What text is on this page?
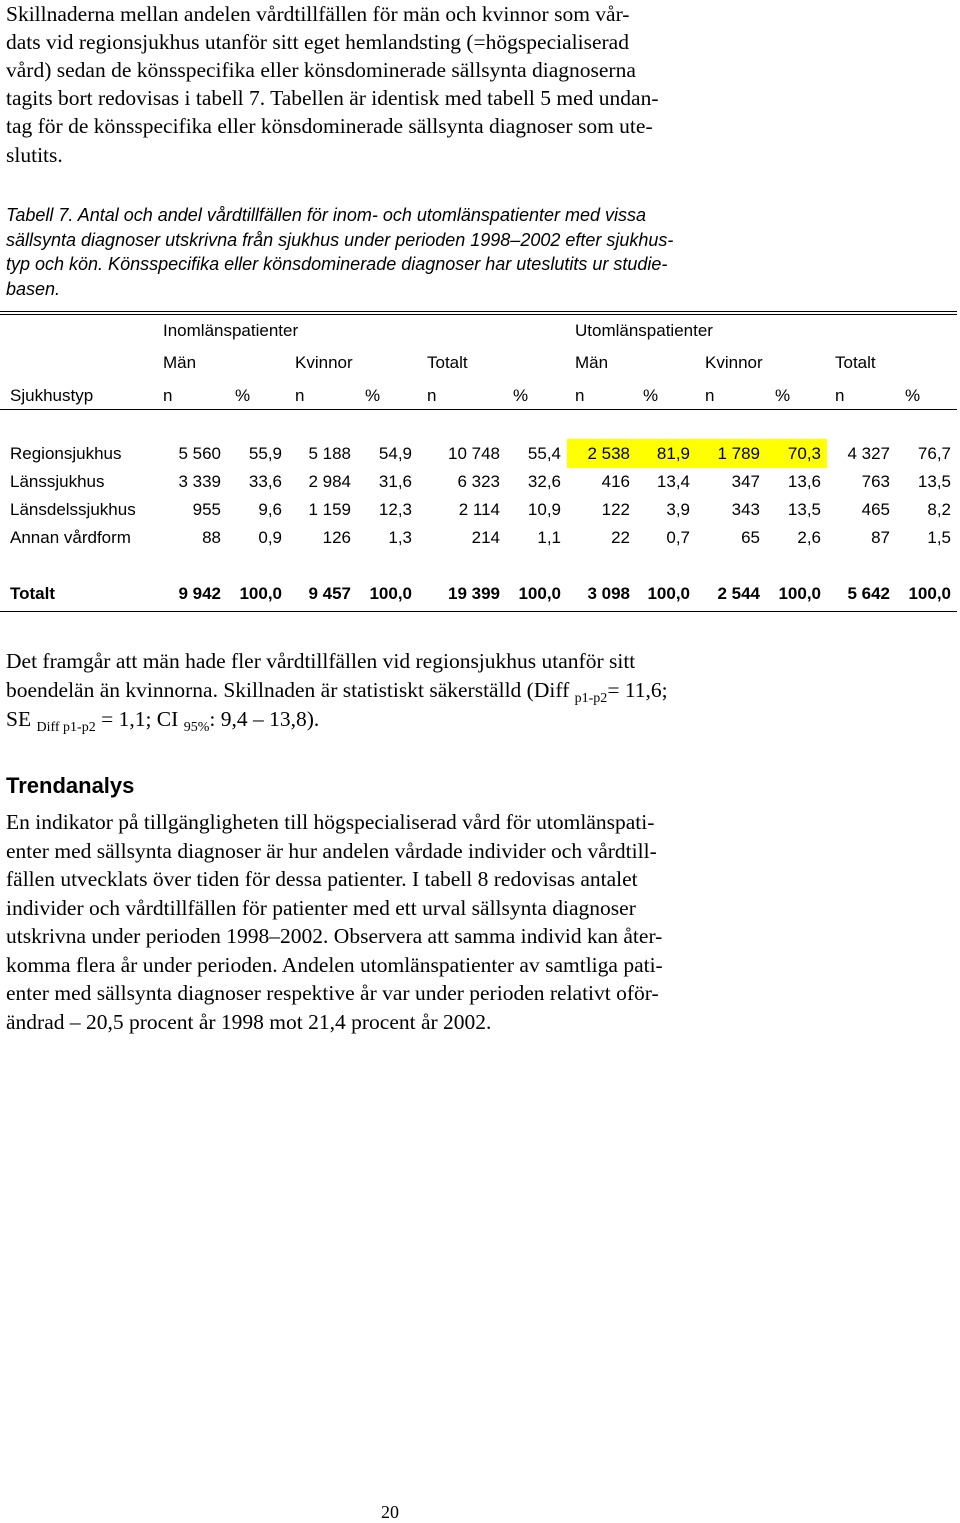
Skillnaderna mellan andelen vårdtillfällen för män och kvinnor som vår-
dats vid regionsjukhus utanför sitt eget hemlandsting (=högspecialiserad
vård) sedan de könsspecifika eller könsdominerade sällsynta diagnoserna
tagits bort redovisas i tabell 7. Tabellen är identisk med tabell 5 med undan-
tag för de könsspecifika eller könsdominerade sällsynta diagnoser som ute-
slutits.
Tabell 7. Antal och andel vårdtillfällen för inom- och utomlänspatienter med vissa
sällsynta diagnoser utskrivna från sjukhus under perioden 1998–2002 efter sjukhus-
typ och kön. Könsspecifika eller könsdominerade diagnoser har uteslutits ur studie-
basen.
Inomlänspatienter	Utomlänspatienter
Män	Kvinnor	Totalt	Män	Kvinnor	Totalt
Sjukhustyp	n	%	n	%	n	%	n	%	n	%	n	%
Regionsjukhus	5 560	55,9	5 188	54,9	10 748	55,4	2 538	81,9	1 789	70,3	4 327	76,7
Länssjukhus	3 339	33,6	2 984	31,6	6 323	32,6	416	13,4	347	13,6	763	13,5
Länsdelssjukhus	955	9,6	1 159	12,3	2 114	10,9	122	3,9	343	13,5	465	8,2
Annan vårdform	88	0,9	126	1,3	214	1,1	22	0,7	65	2,6	87	1,5
Totalt	9 942	100,0	9 457	100,0	19 399	100,0	3 098	100,0	2 544	100,0	5 642	100,0
Det framgår att män hade fler vårdtillfällen vid regionsjukhus utanför sitt
boendelän än kvinnorna. Skillnaden är statistiskt säkerställd (Diff $_{p1-p2}$= 11,6;
SE $_{Diff p1-p2}$ = 1,1; CI $_{95\%}$: 9,4 – 13,8).
Trendanalys
En indikator på tillgängligheten till högspecialiserad vård för utomlänspati-
enter med sällsynta diagnoser är hur andelen vårdade individer och vårdtill-
fällen utvecklats över tiden för dessa patienter. I tabell 8 redovisas antalet
individer och vårdtillfällen för patienter med ett urval sällsynta diagnoser
utskrivna under perioden 1998–2002. Observera att samma individ kan åter-
komma flera år under perioden. Andelen utomlänspatienter av samtliga pati-
enter med sällsynta diagnoser respektive år var under perioden relativt oför-
ändrad – 20,5 procent år 1998 mot 21,4 procent år 2002.
20
